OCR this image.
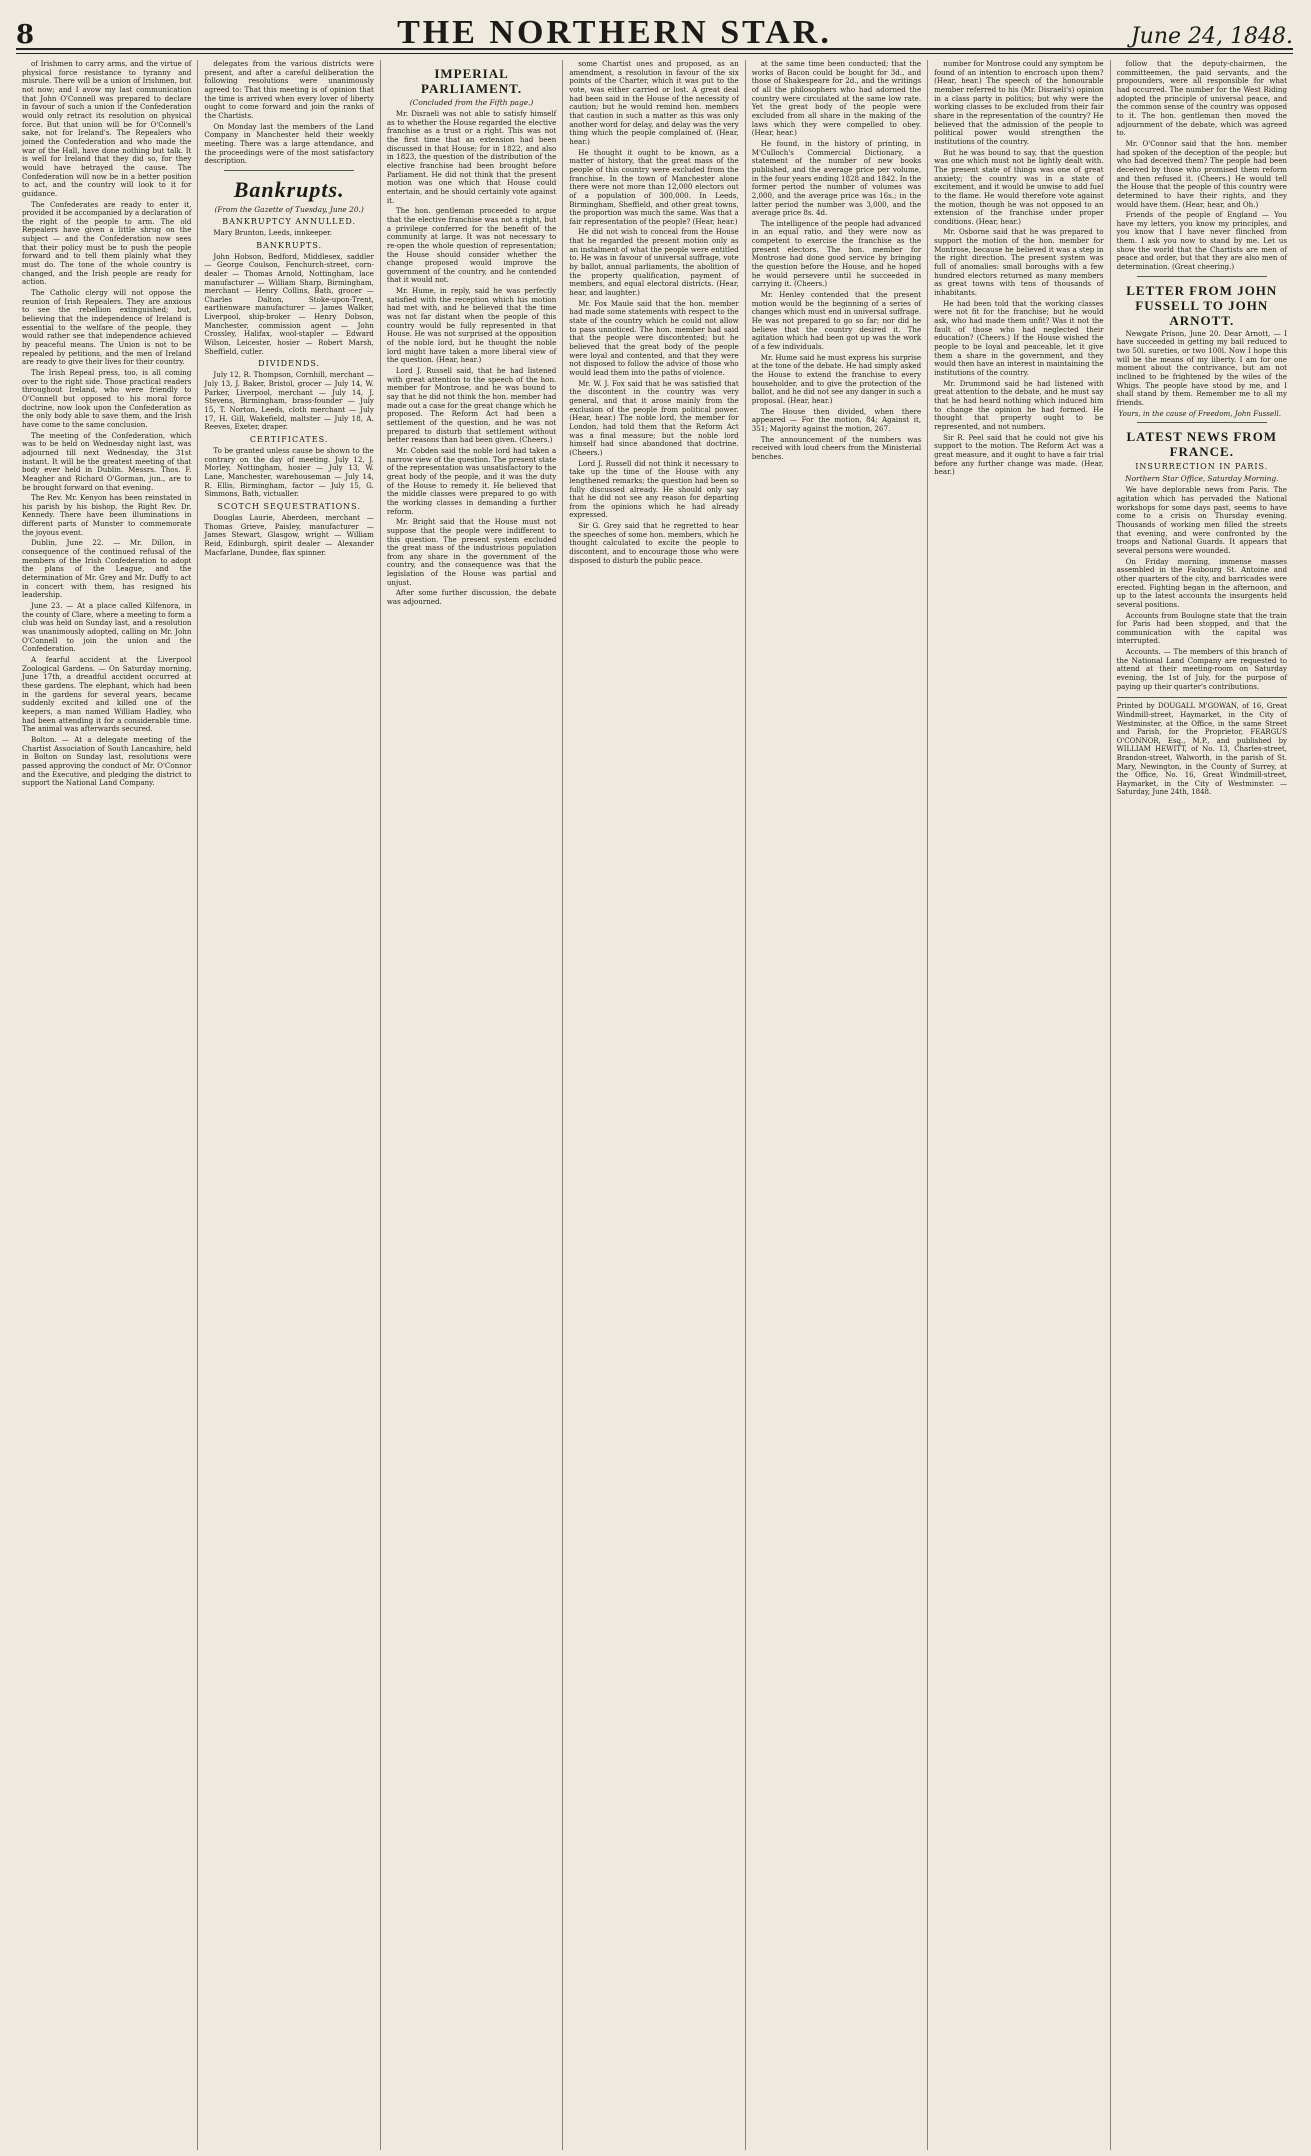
8	THE NORTHERN STAR.	June 24, 1848.

of Irishmen to carry arms, and the virtue of physical force resistance to tyranny and misrule. There will be a union of Irishmen, but not now; and I avow my last communication that John O'Connell was prepared to declare in favour of such a union if the Confederation would only retract its resolution on physical force. But that union will be for O'Connell's sake, not for Ireland's. The Repealers who joined the Confederation and who made the war of the Hall, have done nothing but talk. It is well for Ireland that they did so, for they would have betrayed the cause. The Confederation will now be in a better position to act, and the country will look to it for guidance.

The Confederates are ready to enter it, provided it be accompanied by a declaration of the right of the people to arm. The old Repealers have given a little shrug on the subject — and the Confederation now sees that their policy must be to push the people forward and to tell them plainly what they must do. The tone of the whole country is changed, and the Irish people are ready for action.

The Catholic clergy will not oppose the reunion of Irish Repealers. They are anxious to see the rebellion extinguished; but, believing that the independence of Ireland is essential to the welfare of the people, they would rather see that independence achieved by peaceful means. The Union is not to be repealed by petitions, and the men of Ireland are ready to give their lives for their country.

The Irish Repeal press, too, is all coming over to the right side. Those practical readers throughout Ireland, who were friendly to O'Connell but opposed to his moral force doctrine, now look upon the Confederation as the only body able to save them, and the Irish have come to the same conclusion.

The meeting of the Confederation, which was to be held on Wednesday night last, was adjourned till next Wednesday, the 31st instant. It will be the greatest meeting of that body ever held in Dublin. Messrs. Thos. F. Meagher and Richard O'Gorman, jun., are to be brought forward on that evening.

The Rev. Mr. Kenyon has been reinstated in his parish by his bishop, the Right Rev. Dr. Kennedy. There have been illuminations in different parts of Munster to commemorate the joyous event.

Dublin, June 22. — Mr. Dillon, in consequence of the continued refusal of the members of the Irish Confederation to adopt the plans of the League, and the determination of Mr. Grey and Mr. Duffy to act in concert with them, has resigned his leadership.

June 23. — At a place called Kilfenora, in the county of Clare, where a meeting to form a club was held on Sunday last, and a resolution was unanimously adopted, calling on Mr. John O'Connell to join the union and the Confederation.

A fearful accident at the Liverpool Zoological Gardens. — On Saturday morning, June 17th, a dreadful accident occurred at these gardens. The elephant, which had been in the gardens for several years, became suddenly excited and killed one of the keepers, a man named William Hadley, who had been attending it for a considerable time. The animal was afterwards secured.

Bolton. — At a delegate meeting of the Chartist Association of South Lancashire, held in Bolton on Sunday last, resolutions were passed approving the conduct of Mr. O'Connor and the Executive, and pledging the district to support the National Land Company.

delegates from the various districts were present, and after a careful deliberation the following resolutions were unanimously agreed to: That this meeting is of opinion that the time is arrived when every lover of liberty ought to come forward and join the ranks of the Chartists.

On Monday last the members of the Land Company in Manchester held their weekly meeting. There was a large attendance, and the proceedings were of the most satisfactory description.

Bankrupts.
(From the Gazette of Tuesday, June 20.)
BANKRUPTCY ANNULLED.

Mary Brunton, Leeds, innkeeper.

BANKRUPTS.

John Hobson, Bedford, Middlesex, saddler — George Coulson, Fenchurch-street, corn-dealer — Thomas Arnold, Nottingham, lace manufacturer — William Sharp, Birmingham, merchant — Henry Collins, Bath, grocer — Charles Dalton, Stoke-upon-Trent, earthenware manufacturer — James Walker, Liverpool, ship-broker — Henry Dobson, Manchester, commission agent — John Crossley, Halifax, wool-stapler — Edward Wilson, Leicester, hosier — Robert Marsh, Sheffield, cutler.

DIVIDENDS.

July 12, R. Thompson, Cornhill, merchant — July 13, J. Baker, Bristol, grocer — July 14, W. Parker, Liverpool, merchant — July 14, J. Stevens, Birmingham, brass-founder — July 15, T. Norton, Leeds, cloth merchant — July 17, H. Gill, Wakefield, maltster — July 18, A. Reeves, Exeter, draper.

CERTIFICATES.

To be granted unless cause be shown to the contrary on the day of meeting. July 12, J. Morley, Nottingham, hosier — July 13, W. Lane, Manchester, warehouseman — July 14, R. Ellis, Birmingham, factor — July 15, G. Simmons, Bath, victualler.

SCOTCH SEQUESTRATIONS.

Douglas Laurie, Aberdeen, merchant — Thomas Grieve, Paisley, manufacturer — James Stewart, Glasgow, wright — William Reid, Edinburgh, spirit dealer — Alexander Macfarlane, Dundee, flax spinner.

IMPERIAL PARLIAMENT.
(Concluded from the Fifth page.)

Mr. Disraeli was not able to satisfy himself as to whether the House regarded the elective franchise as a trust or a right. This was not the first time that an extension had been discussed in that House; for in 1822, and also in 1823, the question of the distribution of the elective franchise had been brought before Parliament. He did not think that the present motion was one which that House could entertain, and he should certainly vote against it.

The hon. gentleman proceeded to argue that the elective franchise was not a right, but a privilege conferred for the benefit of the community at large. It was not necessary to re-open the whole question of representation; the House should consider whether the change proposed would improve the government of the country, and he contended that it would not.

Mr. Hume, in reply, said he was perfectly satisfied with the reception which his motion had met with, and he believed that the time was not far distant when the people of this country would be fully represented in that House. He was not surprised at the opposition of the noble lord, but he thought the noble lord might have taken a more liberal view of the question. (Hear, hear.)

Lord J. Russell said, that he had listened with great attention to the speech of the hon. member for Montrose, and he was bound to say that he did not think the hon. member had made out a case for the great change which he proposed. The Reform Act had been a settlement of the question, and he was not prepared to disturb that settlement without better reasons than had been given. (Cheers.)

Mr. Cobden said the noble lord had taken a narrow view of the question. The present state of the representation was unsatisfactory to the great body of the people, and it was the duty of the House to remedy it. He believed that the middle classes were prepared to go with the working classes in demanding a further reform.

Mr. Bright said that the House must not suppose that the people were indifferent to this question. The present system excluded the great mass of the industrious population from any share in the government of the country, and the consequence was that the legislation of the House was partial and unjust.

After some further discussion, the debate was adjourned.

some Chartist ones and proposed, as an amendment, a resolution in favour of the six points of the Charter, which it was put to the vote, was either carried or lost. A great deal had been said in the House of the necessity of caution; but he would remind hon. members that caution in such a matter as this was only another word for delay, and delay was the very thing which the people complained of. (Hear, hear.)

He thought it ought to be known, as a matter of history, that the great mass of the people of this country were excluded from the franchise. In the town of Manchester alone there were not more than 12,000 electors out of a population of 300,000. In Leeds, Birmingham, Sheffield, and other great towns, the proportion was much the same. Was that a fair representation of the people? (Hear, hear.)

He did not wish to conceal from the House that he regarded the present motion only as an instalment of what the people were entitled to. He was in favour of universal suffrage, vote by ballot, annual parliaments, the abolition of the property qualification, payment of members, and equal electoral districts. (Hear, hear, and laughter.)

Mr. Fox Maule said that the hon. member had made some statements with respect to the state of the country which he could not allow to pass unnoticed. The hon. member had said that the people were discontented; but he believed that the great body of the people were loyal and contented, and that they were not disposed to follow the advice of those who would lead them into the paths of violence.

Mr. W. J. Fox said that he was satisfied that the discontent in the country was very general, and that it arose mainly from the exclusion of the people from political power. (Hear, hear.) The noble lord, the member for London, had told them that the Reform Act was a final measure; but the noble lord himself had since abandoned that doctrine. (Cheers.)

Lord J. Russell did not think it necessary to take up the time of the House with any lengthened remarks; the question had been so fully discussed already. He should only say that he did not see any reason for departing from the opinions which he had already expressed.

Sir G. Grey said that he regretted to hear the speeches of some hon. members, which he thought calculated to excite the people to discontent, and to encourage those who were disposed to disturb the public peace.

at the same time been conducted; that the works of Bacon could be bought for 3d., and those of Shakespeare for 2d., and the writings of all the philosophers who had adorned the country were circulated at the same low rate. Yet the great body of the people were excluded from all share in the making of the laws which they were compelled to obey. (Hear, hear.)

He found, in the history of printing, in M'Culloch's Commercial Dictionary, a statement of the number of new books published, and the average price per volume, in the four years ending 1828 and 1842. In the former period the number of volumes was 2,000, and the average price was 16s.; in the latter period the number was 3,000, and the average price 8s. 4d.

The intelligence of the people had advanced in an equal ratio, and they were now as competent to exercise the franchise as the present electors. The hon. member for Montrose had done good service by bringing the question before the House, and he hoped he would persevere until he succeeded in carrying it. (Cheers.)

Mr. Henley contended that the present motion would be the beginning of a series of changes which must end in universal suffrage. He was not prepared to go so far; nor did he believe that the country desired it. The agitation which had been got up was the work of a few individuals.

Mr. Hume said he must express his surprise at the tone of the debate. He had simply asked the House to extend the franchise to every householder, and to give the protection of the ballot, and he did not see any danger in such a proposal. (Hear, hear.)

The House then divided, when there appeared — For the motion, 84; Against it, 351; Majority against the motion, 267.

The announcement of the numbers was received with loud cheers from the Ministerial benches.

number for Montrose could any symptom be found of an intention to encroach upon them? (Hear, hear.) The speech of the honourable member referred to his (Mr. Disraeli's) opinion in a class party in politics; but why were the working classes to be excluded from their fair share in the representation of the country? He believed that the admission of the people to political power would strengthen the institutions of the country.

But he was bound to say, that the question was one which must not be lightly dealt with. The present state of things was one of great anxiety; the country was in a state of excitement, and it would be unwise to add fuel to the flame. He would therefore vote against the motion, though he was not opposed to an extension of the franchise under proper conditions. (Hear, hear.)

Mr. Osborne said that he was prepared to support the motion of the hon. member for Montrose, because he believed it was a step in the right direction. The present system was full of anomalies: small boroughs with a few hundred electors returned as many members as great towns with tens of thousands of inhabitants.

He had been told that the working classes were not fit for the franchise; but he would ask, who had made them unfit? Was it not the fault of those who had neglected their education? (Cheers.) If the House wished the people to be loyal and peaceable, let it give them a share in the government, and they would then have an interest in maintaining the institutions of the country.

Mr. Drummond said he had listened with great attention to the debate, and he must say that he had heard nothing which induced him to change the opinion he had formed. He thought that property ought to be represented, and not numbers.

Sir R. Peel said that he could not give his support to the motion. The Reform Act was a great measure, and it ought to have a fair trial before any further change was made. (Hear, hear.)

follow that the deputy-chairmen, the committeemen, the paid servants, and the propounders, were all responsible for what had occurred. The number for the West Riding adopted the principle of universal peace, and the common sense of the country was opposed to it. The hon. gentleman then moved the adjournment of the debate, which was agreed to.

Mr. O'Connor said that the hon. member had spoken of the deception of the people; but who had deceived them? The people had been deceived by those who promised them reform and then refused it. (Cheers.) He would tell the House that the people of this country were determined to have their rights, and they would have them. (Hear, hear, and Oh.)

Friends of the people of England — You have my letters, you know my principles, and you know that I have never flinched from them. I ask you now to stand by me. Let us show the world that the Chartists are men of peace and order, but that they are also men of determination. (Great cheering.)

LETTER FROM JOHN FUSSELL TO JOHN ARNOTT.

Newgate Prison, June 20. Dear Arnott, — I have succeeded in getting my bail reduced to two 50l. sureties, or two 100l. Now I hope this will be the means of my liberty. I am for one moment about the contrivance, but am not inclined to be frightened by the wiles of the Whigs. The people have stood by me, and I shall stand by them. Remember me to all my friends.

Yours, in the cause of Freedom, John Fussell.
LATEST NEWS FROM FRANCE.
INSURRECTION IN PARIS.
Northern Star Office, Saturday Morning.

We have deplorable news from Paris. The agitation which has pervaded the National workshops for some days past, seems to have come to a crisis on Thursday evening. Thousands of working men filled the streets that evening, and were confronted by the troops and National Guards. It appears that several persons were wounded.

On Friday morning, immense masses assembled in the Faubourg St. Antoine and other quarters of the city, and barricades were erected. Fighting began in the afternoon, and up to the latest accounts the insurgents held several positions.

Accounts from Boulogne state that the train for Paris had been stopped, and that the communication with the capital was interrupted.

Accounts. — The members of this branch of the National Land Company are requested to attend at their meeting-room on Saturday evening, the 1st of July, for the purpose of paying up their quarter's contributions.

Printed by DOUGALL M'GOWAN, of 16, Great Windmill-street, Haymarket, in the City of Westminster, at the Office, in the same Street and Parish, for the Proprietor, FEARGUS O'CONNOR, Esq., M.P., and published by WILLIAM HEWITT, of No. 13, Charles-street, Brandon-street, Walworth, in the parish of St. Mary, Newington, in the County of Surrey, at the Office, No. 16, Great Windmill-street, Haymarket, in the City of Westminster. — Saturday, June 24th, 1848.
